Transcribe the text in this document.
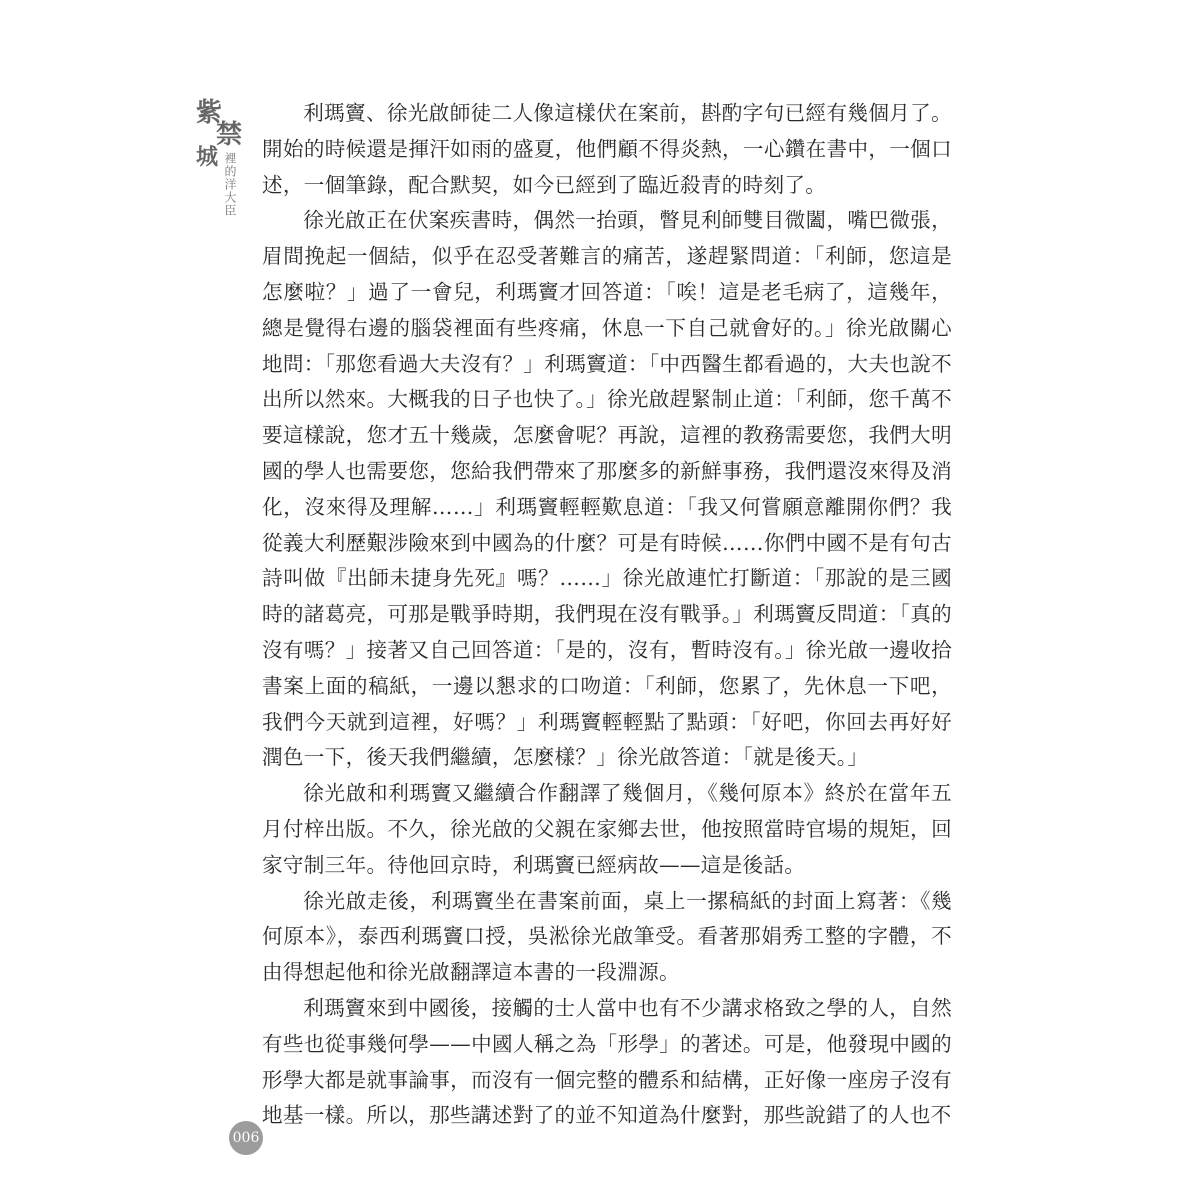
紫
禁
城 裡的洋大臣

利瑪竇、徐光啟師徒二人像這樣伏在案前，斟酌字句已經有幾個月了。開始的時候還是揮汗如雨的盛夏，他們顧不得炎熱，一心鑽在書中，一個口述，一個筆錄，配合默契，如今已經到了臨近殺青的時刻了。

徐光啟正在伏案疾書時，偶然一抬頭，瞥見利師雙目微闔，嘴巴微張，眉間挽起一個結，似乎在忍受著難言的痛苦，遂趕緊問道：「利師，您這是怎麼啦？」過了一會兒，利瑪竇才回答道：「唉！這是老毛病了，這幾年，總是覺得右邊的腦袋裡面有些疼痛，休息一下自己就會好的。」徐光啟關心地問：「那您看過大夫沒有？」利瑪竇道：「中西醫生都看過的，大夫也說不出所以然來。大概我的日子也快了。」徐光啟趕緊制止道：「利師，您千萬不要這樣說，您才五十幾歲，怎麼會呢？再說，這裡的教務需要您，我們大明國的學人也需要您，您給我們帶來了那麼多的新鮮事務，我們還沒來得及消化，沒來得及理解……」利瑪竇輕輕歎息道：「我又何嘗願意離開你們？我從義大利歷艱涉險來到中國為的什麼？可是有時候……你們中國不是有句古詩叫做『出師未捷身先死』嗎？……」徐光啟連忙打斷道：「那說的是三國時的諸葛亮，可那是戰爭時期，我們現在沒有戰爭。」利瑪竇反問道：「真的沒有嗎？」接著又自己回答道：「是的，沒有，暫時沒有。」徐光啟一邊收拾書案上面的稿紙，一邊以懇求的口吻道：「利師，您累了，先休息一下吧，我們今天就到這裡，好嗎？」利瑪竇輕輕點了點頭：「好吧，你回去再好好潤色一下，後天我們繼續，怎麼樣？」徐光啟答道：「就是後天。」

徐光啟和利瑪竇又繼續合作翻譯了幾個月，《幾何原本》終於在當年五月付梓出版。不久，徐光啟的父親在家鄉去世，他按照當時官場的規矩，回家守制三年。待他回京時，利瑪竇已經病故——這是後話。

徐光啟走後，利瑪竇坐在書案前面，桌上一摞稿紙的封面上寫著：《幾何原本》，泰西利瑪竇口授，吳淞徐光啟筆受。看著那娟秀工整的字體，不由得想起他和徐光啟翻譯這本書的一段淵源。

利瑪竇來到中國後，接觸的士人當中也有不少講求格致之學的人，自然有些也從事幾何學——中國人稱之為「形學」的著述。可是，他發現中國的形學大都是就事論事，而沒有一個完整的體系和結構，正好像一座房子沒有地基一樣。所以，那些講述對了的並不知道為什麼對，那些說錯了的人也不

006
